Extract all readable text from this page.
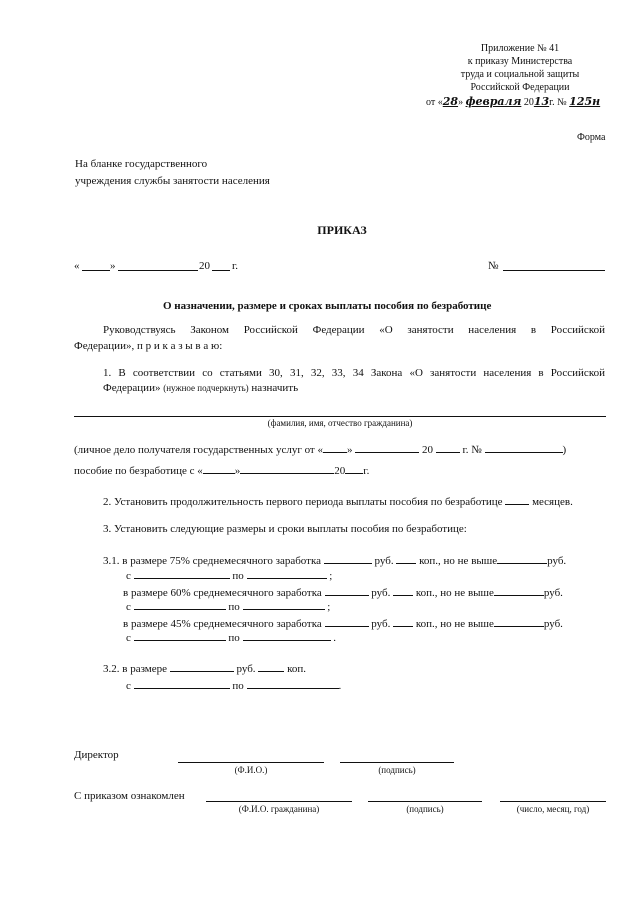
Приложение № 41
к приказу Министерства
труда и социальной защиты
Российской Федерации
от «28» февраля 2013г. № 125н
Форма
На бланке государственного
учреждения службы занятости населения
ПРИКАЗ
«	»	20 г.	№
О назначении, размере и сроках выплаты пособия по безработице
Руководствуясь Законом Российской Федерации «О занятости населения в Российской
Федерации», п р и к а з ы в а ю:
1. В соответствии со статьями 30, 31, 32, 33, 34 Закона «О занятости населения в Российской
Федерации» (нужное подчеркнуть) назначить
(фамилия, имя, отчество гражданина)
(личное дело получателя государственных услуг от « »	20	г. №	)
пособие по безработице с «	»	20 г.
2. Установить продолжительность первого периода выплаты пособия по безработице	месяцев.
3. Установить следующие размеры и сроки выплаты пособия по безработице:
3.1. в размере 75% среднемесячного заработка	руб. коп., но не выше	руб.
с	по	;
в размере 60% среднемесячного заработка	руб. коп., но не выше	руб.
с	по	;
в размере 45% среднемесячного заработка	руб. коп., но не выше	руб.
с	по	.
3.2. в размере	руб.	коп.
с	по	.
Директор
(Ф.И.О.)	(подпись)
С приказом ознакомлен
(Ф.И.О. гражданина)	(подпись)	(число, месяц, год)
